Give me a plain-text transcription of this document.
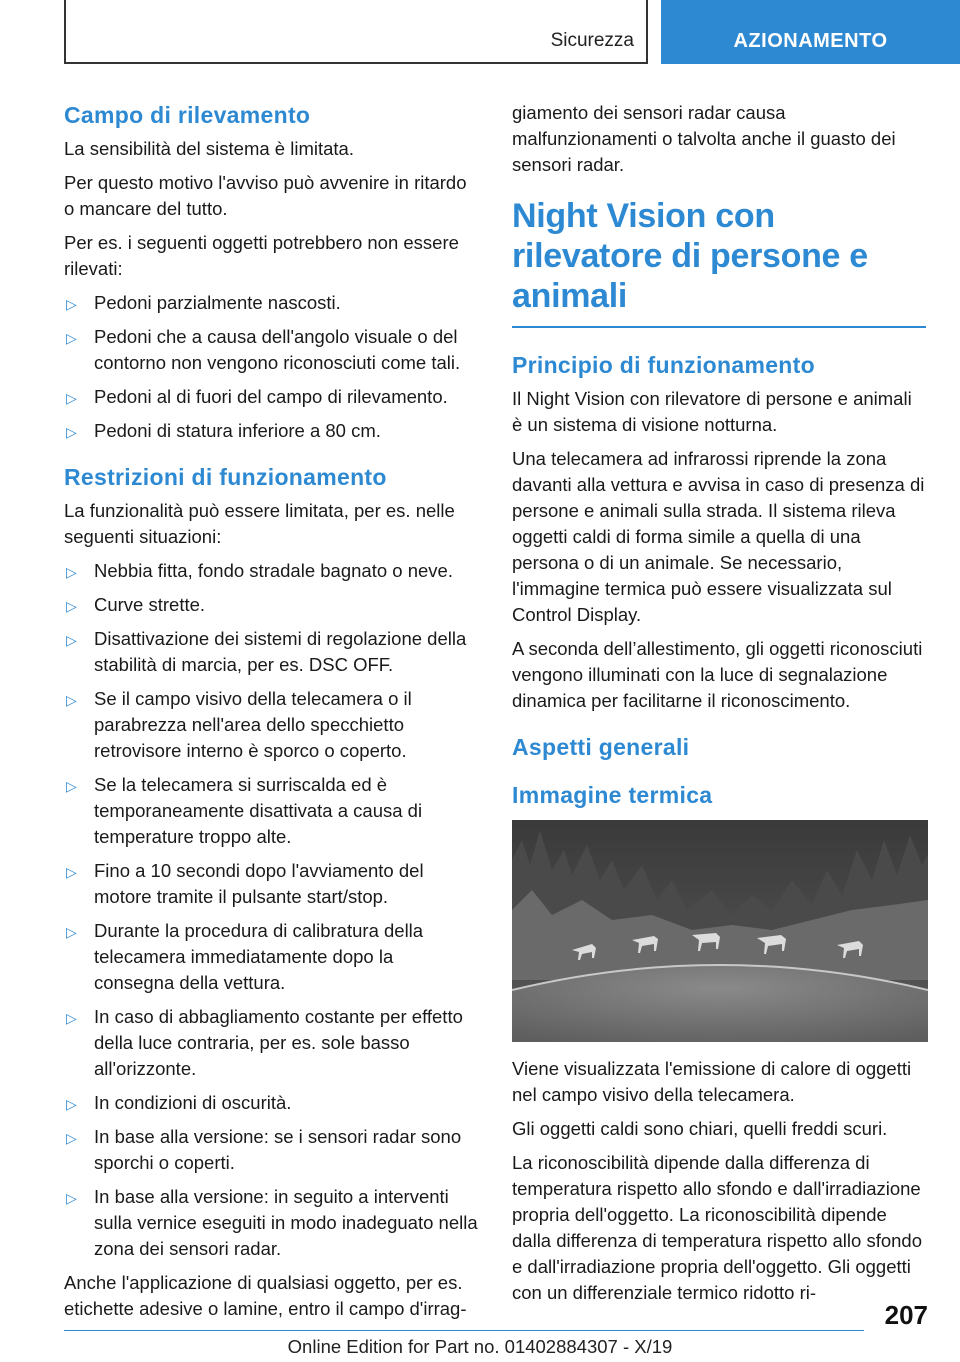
Sicurezza	AZIONAMENTO
Campo di rilevamento

La sensibilità del sistema è limitata.

Per questo motivo l'avviso può avvenire in ritardo o mancare del tutto.

Per es. i seguenti oggetti potrebbero non essere rilevati:

▷ Pedoni parzialmente nascosti.
▷ Pedoni che a causa dell'angolo visuale o del contorno non vengono riconosciuti come tali.
▷ Pedoni al di fuori del campo di rilevamento.
▷ Pedoni di statura inferiore a 80 cm.
Restrizioni di funzionamento

La funzionalità può essere limitata, per es. nelle seguenti situazioni:

▷ Nebbia fitta, fondo stradale bagnato o neve.
▷ Curve strette.
▷ Disattivazione dei sistemi di regolazione della stabilità di marcia, per es. DSC OFF.
▷ Se il campo visivo della telecamera o il parabrezza nell'area dello specchietto retrovisore interno è sporco o coperto.
▷ Se la telecamera si surriscalda ed è temporaneamente disattivata a causa di temperature troppo alte.
▷ Fino a 10 secondi dopo l'avviamento del motore tramite il pulsante start/stop.
▷ Durante la procedura di calibratura della telecamera immediatamente dopo la consegna della vettura.
▷ In caso di abbagliamento costante per effetto della luce contraria, per es. sole basso all'orizzonte.
▷ In condizioni di oscurità.
▷ In base alla versione: se i sensori radar sono sporchi o coperti.
▷ In base alla versione: in seguito a interventi sulla vernice eseguiti in modo inadeguato nella zona dei sensori radar.

Anche l'applicazione di qualsiasi oggetto, per es. etichette adesive o lamine, entro il campo d'irrag-

giamento dei sensori radar causa malfunzionamenti o talvolta anche il guasto dei sensori radar.

Night Vision con rilevatore di persone e animali
Principio di funzionamento

Il Night Vision con rilevatore di persone e animali è un sistema di visione notturna.

Una telecamera ad infrarossi riprende la zona davanti alla vettura e avvisa in caso di presenza di persone e animali sulla strada. Il sistema rileva oggetti caldi di forma simile a quella di una persona o di un animale. Se necessario, l'immagine termica può essere visualizzata sul Control Display.

A seconda dell’allestimento, gli oggetti riconosciuti vengono illuminati con la luce di segnalazione dinamica per facilitarne il riconoscimento.

Aspetti generali
Immagine termica

Viene visualizzata l'emissione di calore di oggetti nel campo visivo della telecamera.

Gli oggetti caldi sono chiari, quelli freddi scuri.

La riconoscibilità dipende dalla differenza di temperatura rispetto allo sfondo e dall'irradiazione propria dell'oggetto. La riconoscibilità dipende dalla differenza di temperatura rispetto allo sfondo e dall'irradiazione propria dell'oggetto. Gli oggetti con un differenziale termico ridotto ri-

207
Online Edition for Part no. 01402884307 - X/19
